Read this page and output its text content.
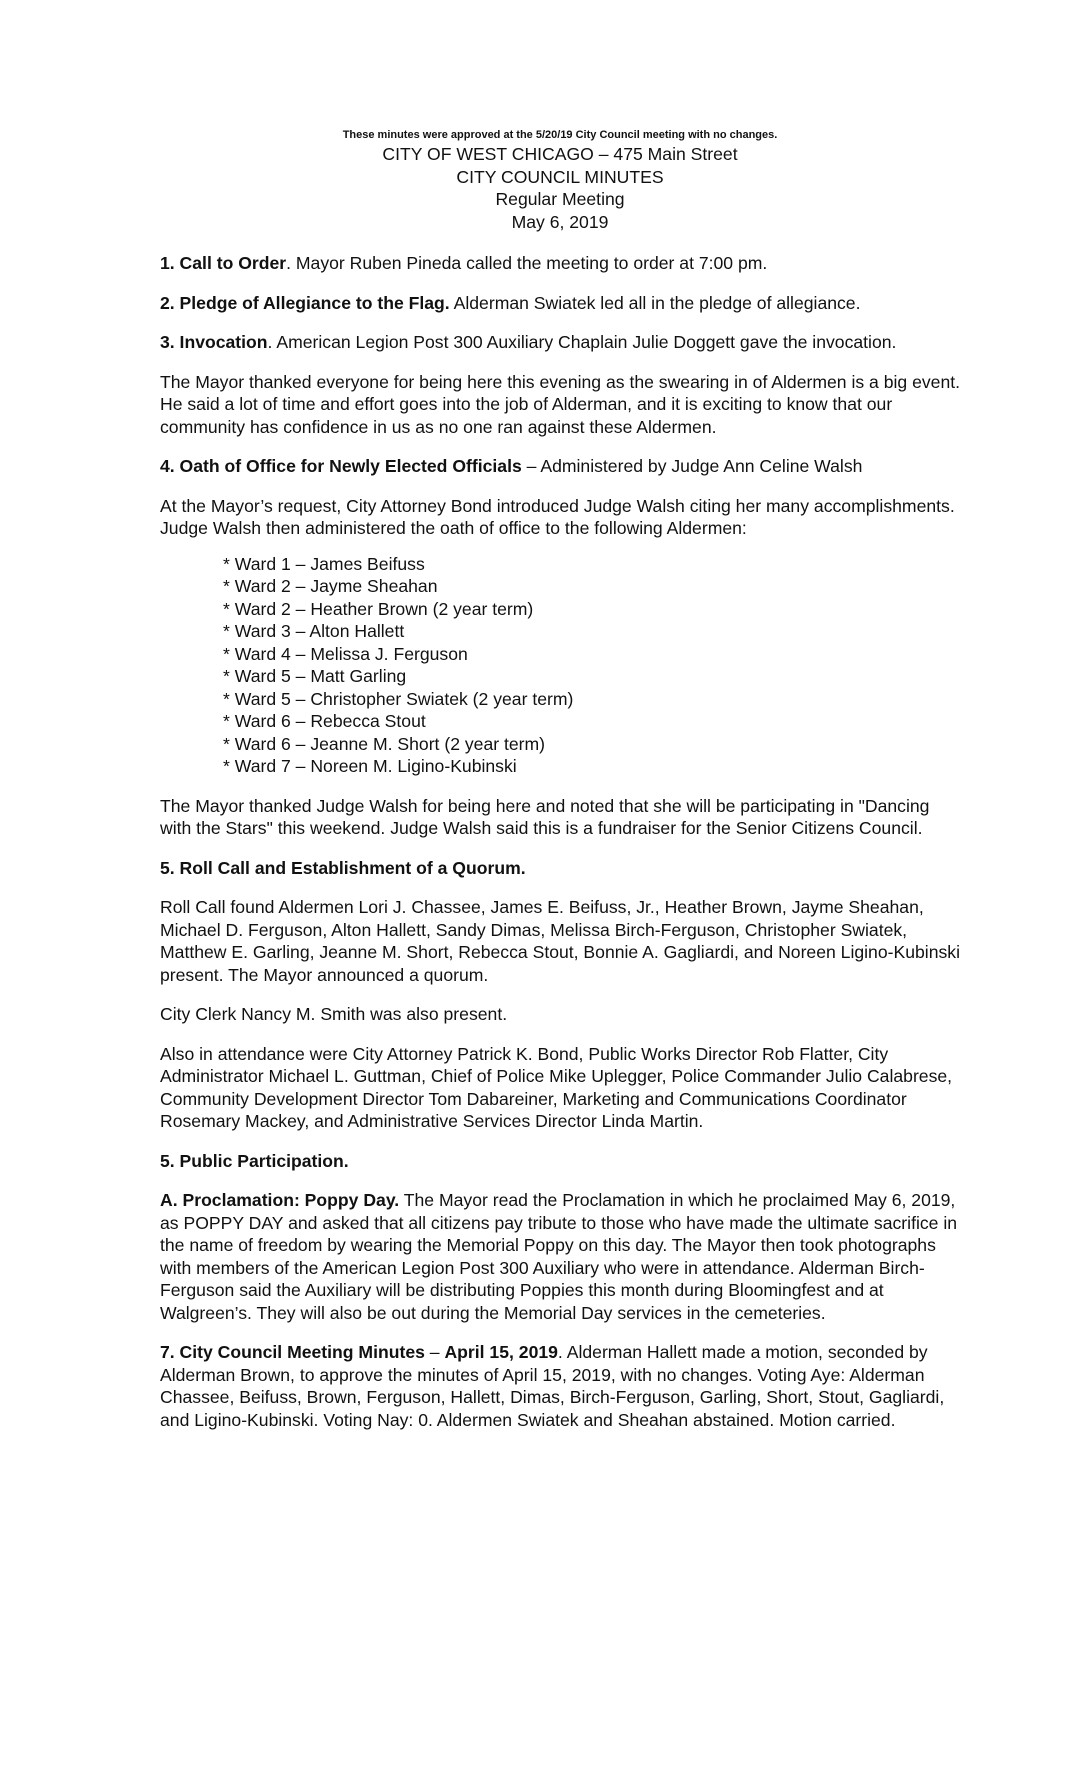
These minutes were approved at the 5/20/19 City Council meeting with no changes.
CITY OF WEST CHICAGO – 475 Main Street
CITY COUNCIL MINUTES
Regular Meeting
May 6, 2019

1. Call to Order. Mayor Ruben Pineda called the meeting to order at 7:00 pm.

2. Pledge of Allegiance to the Flag. Alderman Swiatek led all in the pledge of allegiance.

3. Invocation. American Legion Post 300 Auxiliary Chaplain Julie Doggett gave the invocation.

The Mayor thanked everyone for being here this evening as the swearing in of Aldermen is a big event. He said a lot of time and effort goes into the job of Alderman, and it is exciting to know that our community has confidence in us as no one ran against these Aldermen.

4. Oath of Office for Newly Elected Officials – Administered by Judge Ann Celine Walsh

At the Mayor’s request, City Attorney Bond introduced Judge Walsh citing her many accomplishments. Judge Walsh then administered the oath of office to the following Aldermen:

* Ward 1 – James Beifuss
* Ward 2 – Jayme Sheahan
* Ward 2 – Heather Brown (2 year term)
* Ward 3 – Alton Hallett
* Ward 4 – Melissa J. Ferguson
* Ward 5 – Matt Garling
* Ward 5 – Christopher Swiatek (2 year term)
* Ward 6 – Rebecca Stout
* Ward 6 – Jeanne M. Short (2 year term)
* Ward 7 – Noreen M. Ligino-Kubinski

The Mayor thanked Judge Walsh for being here and noted that she will be participating in "Dancing with the Stars" this weekend. Judge Walsh said this is a fundraiser for the Senior Citizens Council.

5. Roll Call and Establishment of a Quorum.

Roll Call found Aldermen Lori J. Chassee, James E. Beifuss, Jr., Heather Brown, Jayme Sheahan, Michael D. Ferguson, Alton Hallett, Sandy Dimas, Melissa Birch-Ferguson, Christopher Swiatek, Matthew E. Garling, Jeanne M. Short, Rebecca Stout, Bonnie A. Gagliardi, and Noreen Ligino-Kubinski present. The Mayor announced a quorum.

City Clerk Nancy M. Smith was also present.

Also in attendance were City Attorney Patrick K. Bond, Public Works Director Rob Flatter, City Administrator Michael L. Guttman, Chief of Police Mike Uplegger, Police Commander Julio Calabrese, Community Development Director Tom Dabareiner, Marketing and Communications Coordinator Rosemary Mackey, and Administrative Services Director Linda Martin.

5. Public Participation.

A. Proclamation: Poppy Day. The Mayor read the Proclamation in which he proclaimed May 6, 2019, as POPPY DAY and asked that all citizens pay tribute to those who have made the ultimate sacrifice in the name of freedom by wearing the Memorial Poppy on this day. The Mayor then took photographs with members of the American Legion Post 300 Auxiliary who were in attendance. Alderman Birch-Ferguson said the Auxiliary will be distributing Poppies this month during Bloomingfest and at Walgreen’s. They will also be out during the Memorial Day services in the cemeteries.

7. City Council Meeting Minutes – April 15, 2019. Alderman Hallett made a motion, seconded by Alderman Brown, to approve the minutes of April 15, 2019, with no changes. Voting Aye: Alderman Chassee, Beifuss, Brown, Ferguson, Hallett, Dimas, Birch-Ferguson, Garling, Short, Stout, Gagliardi, and Ligino-Kubinski. Voting Nay: 0. Aldermen Swiatek and Sheahan abstained. Motion carried.
